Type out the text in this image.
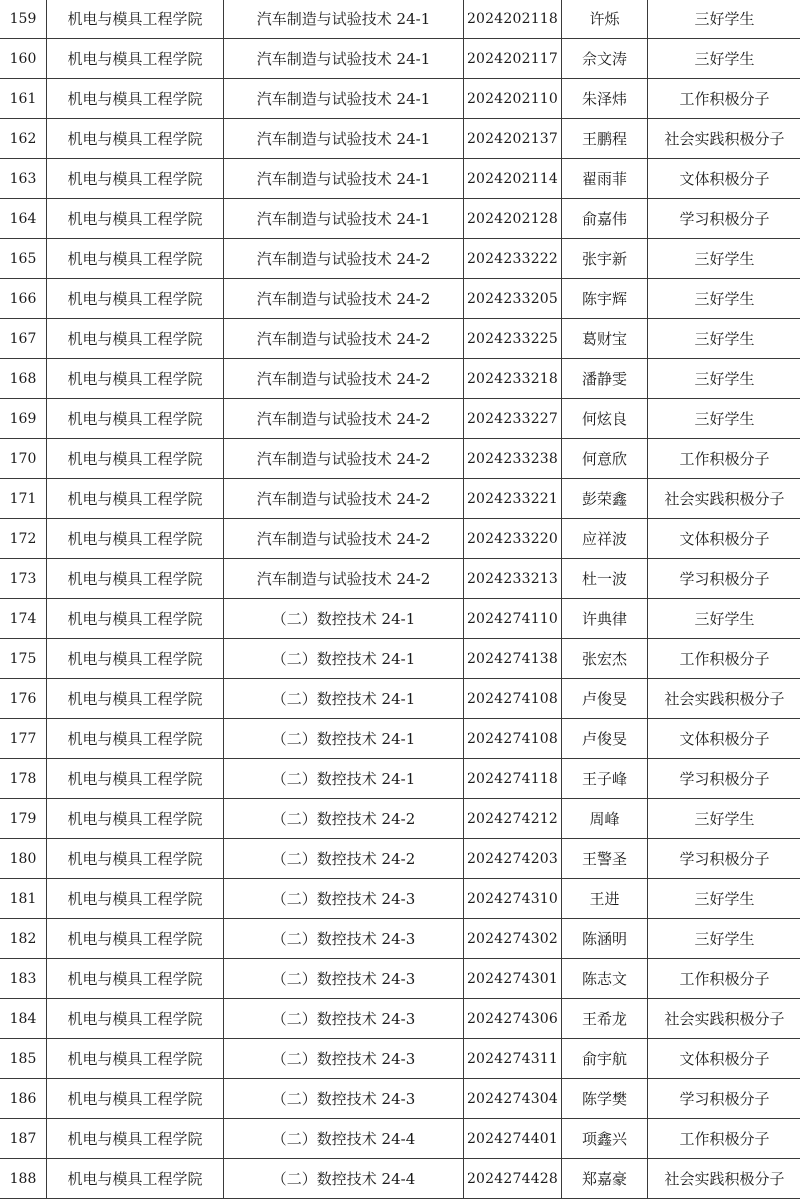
159	机电与模具工程学院	汽车制造与试验技术 24-1	2024202118	许烁	三好学生
160	机电与模具工程学院	汽车制造与试验技术 24-1	2024202117	佘文涛	三好学生
161	机电与模具工程学院	汽车制造与试验技术 24-1	2024202110	朱泽炜	工作积极分子
162	机电与模具工程学院	汽车制造与试验技术 24-1	2024202137	王鹏程	社会实践积极分子
163	机电与模具工程学院	汽车制造与试验技术 24-1	2024202114	翟雨菲	文体积极分子
164	机电与模具工程学院	汽车制造与试验技术 24-1	2024202128	俞嘉伟	学习积极分子
165	机电与模具工程学院	汽车制造与试验技术 24-2	2024233222	张宇新	三好学生
166	机电与模具工程学院	汽车制造与试验技术 24-2	2024233205	陈宇辉	三好学生
167	机电与模具工程学院	汽车制造与试验技术 24-2	2024233225	葛财宝	三好学生
168	机电与模具工程学院	汽车制造与试验技术 24-2	2024233218	潘静雯	三好学生
169	机电与模具工程学院	汽车制造与试验技术 24-2	2024233227	何炫良	三好学生
170	机电与模具工程学院	汽车制造与试验技术 24-2	2024233238	何意欣	工作积极分子
171	机电与模具工程学院	汽车制造与试验技术 24-2	2024233221	彭荣鑫	社会实践积极分子
172	机电与模具工程学院	汽车制造与试验技术 24-2	2024233220	应祥波	文体积极分子
173	机电与模具工程学院	汽车制造与试验技术 24-2	2024233213	杜一波	学习积极分子
174	机电与模具工程学院	（二）数控技术 24-1	2024274110	许典律	三好学生
175	机电与模具工程学院	（二）数控技术 24-1	2024274138	张宏杰	工作积极分子
176	机电与模具工程学院	（二）数控技术 24-1	2024274108	卢俊旻	社会实践积极分子
177	机电与模具工程学院	（二）数控技术 24-1	2024274108	卢俊旻	文体积极分子
178	机电与模具工程学院	（二）数控技术 24-1	2024274118	王子峰	学习积极分子
179	机电与模具工程学院	（二）数控技术 24-2	2024274212	周峰	三好学生
180	机电与模具工程学院	（二）数控技术 24-2	2024274203	王警圣	学习积极分子
181	机电与模具工程学院	（二）数控技术 24-3	2024274310	王进	三好学生
182	机电与模具工程学院	（二）数控技术 24-3	2024274302	陈涵明	三好学生
183	机电与模具工程学院	（二）数控技术 24-3	2024274301	陈志文	工作积极分子
184	机电与模具工程学院	（二）数控技术 24-3	2024274306	王希龙	社会实践积极分子
185	机电与模具工程学院	（二）数控技术 24-3	2024274311	俞宇航	文体积极分子
186	机电与模具工程学院	（二）数控技术 24-3	2024274304	陈学樊	学习积极分子
187	机电与模具工程学院	（二）数控技术 24-4	2024274401	项鑫兴	工作积极分子
188	机电与模具工程学院	（二）数控技术 24-4	2024274428	郑嘉豪	社会实践积极分子
